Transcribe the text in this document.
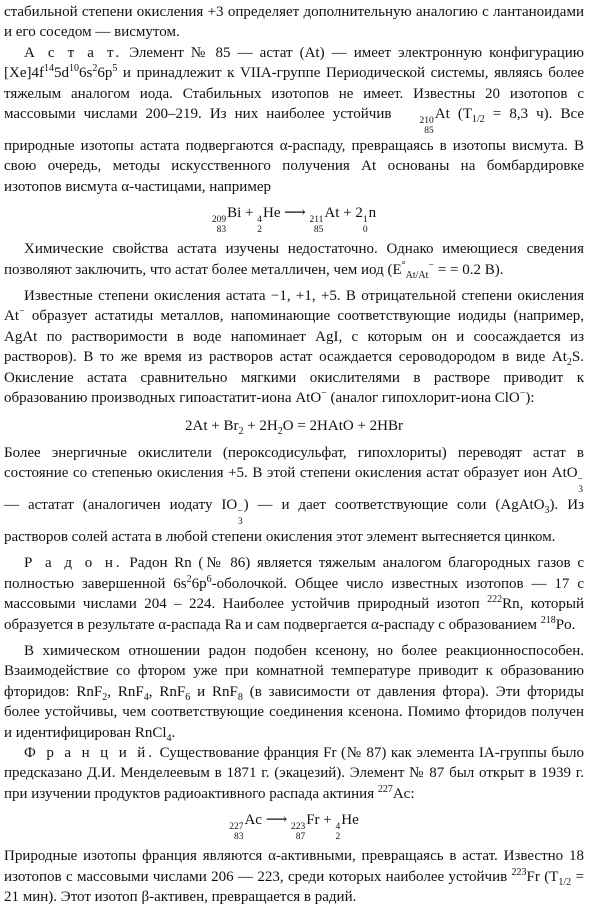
стабильной степени окисления +3 определяет дополнительную аналогию с лантаноидами и его соседом — висмутом.

А с т а т. Элемент № 85 — астат (At) — имеет электронную конфигурацию $[Xe]4f^{14}5d^{10}6s^26p^5$ и принадлежит к VIIA-группе Периодической системы, являясь более тяжелым аналогом иода. Стабильных изотопов не имеет. Известны 20 изотопов с массовыми числами 200–219. Из них наиболее устойчив	210
85
At ($T_{1/2} = 8,3$ ч). Все природные изотопы астата подвергаются α-распаду, превращаясь в изотопы висмута. В свою очередь, методы искусственного получения At основаны на бомбардировке изотопов висмута α-частицами, например

209
83
Bi + 4
2
He ⟶ 211
85
At + 2 1
0
n

Химические свойства астата изучены недостаточно. Однако имеющиеся сведения позволяют заключить, что астат более металличен, чем иод ($E^\circ_{At/At}^-$ = = 0.2 В).

Известные степени окисления астата −1, +1, +5. В отрицательной степени окисления At− образует астатиды металлов, напоминающие соответствующие иодиды (например, AgAt по растворимости в воде напоминает AgI, с которым он и соосаждается из растворов). В то же время из растворов астат осаждается сероводородом в виде $At_2S$. Окисление астата сравнительно мягкими окислителями в растворе приводит к образованию производных гипоастатит-иона AtO− (аналог гипохлорит-иона ClO−):

$2At + Br_2 + 2H_2O$ = 2HAtO + 2HBr

Более энергичные окислители (пероксодисульфат, гипохлориты) переводят астат в состояние со степенью окисления +5. В этой степени окисления астат образует ион AtO −
3
— астатат (аналогичен иодату IO −
3
) — и дает соответствующие соли (AgAtO$_3$). Из растворов солей астата в любой степени окисления этот элемент вытесняется цинком.

Р а д о н. Радон Rn (№ 86) является тяжелым аналогом благородных газов с полностью завершенной $6s^26p^6$-оболочкой. Общее число известных изотопов — 17 с массовыми числами 204 – 224. Наиболее устойчив природный изотоп $^{222}$Rn, который образуется в результате α-распада Ra и сам подвергается α-распаду с образованием $^{218}$Po.

В химическом отношении радон подобен ксенону, но более реакционноспособен. Взаимодействие со фтором уже при комнатной температуре приводит к образованию фторидов: RnF$_2$, RnF$_4$, RnF$_6$ и RnF$_8$ (в зависимости от давления фтора). Эти фториды более устойчивы, чем соответствующие соединения ксенона. Помимо фторидов получен и идентифицирован RnCl$_4$.

Ф р а н ц и й. Существование франция Fr (№ 87) как элемента IA-группы было предсказано Д.И. Менделеевым в 1871 г. (экацезий). Элемент № 87 был открыт в 1939 г. при изучении продуктов радиоактивного распада актиния $^{227}$Ac:

227
83
Ac ⟶ 223
87
Fr + 4
2
He

Природные изотопы франция являются α-активными, превращаясь в астат. Известно 18 изотопов с массовыми числами 206 — 223, среди которых наиболее устойчив $^{223}$Fr ($T_{1/2} = 21$ мин). Этот изотоп β-активен, превращается в радий.
